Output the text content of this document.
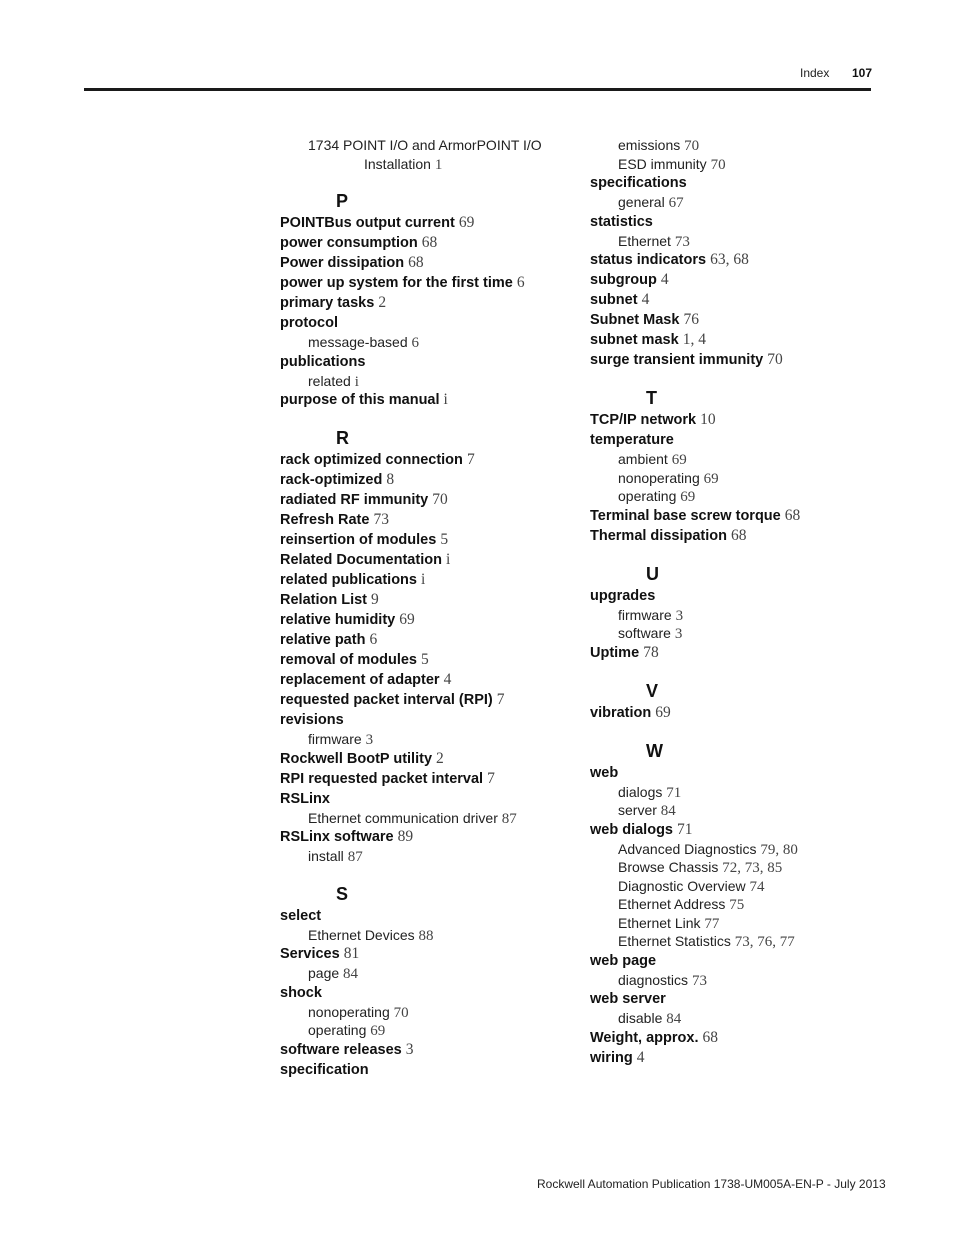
Index 107
1734 POINT I/O and ArmorPOINT I/O
Installation 1
P
POINTBus output current 69
power consumption 68
Power dissipation 68
power up system for the first time 6
primary tasks 2
protocol
message-based 6
publications
related i
purpose of this manual i
R
rack optimized connection 7
rack-optimized 8
radiated RF immunity 70
Refresh Rate 73
reinsertion of modules 5
Related Documentation i
related publications i
Relation List 9
relative humidity 69
relative path 6
removal of modules 5
replacement of adapter 4
requested packet interval (RPI) 7
revisions
firmware 3
Rockwell BootP utility 2
RPI requested packet interval 7
RSLinx
Ethernet communication driver 87
RSLinx software 89
install 87
S
select
Ethernet Devices 88
Services 81
page 84
shock
nonoperating 70
operating 69
software releases 3
specification
emissions 70
ESD immunity 70
specifications
general 67
statistics
Ethernet 73
status indicators 63, 68
subgroup 4
subnet 4
Subnet Mask 76
subnet mask 1, 4
surge transient immunity 70
T
TCP/IP network 10
temperature
ambient 69
nonoperating 69
operating 69
Terminal base screw torque 68
Thermal dissipation 68
U
upgrades
firmware 3
software 3
Uptime 78
V
vibration 69
W
web
dialogs 71
server 84
web dialogs 71
Advanced Diagnostics 79, 80
Browse Chassis 72, 73, 85
Diagnostic Overview 74
Ethernet Address 75
Ethernet Link 77
Ethernet Statistics 73, 76, 77
web page
diagnostics 73
web server
disable 84
Weight, approx. 68
wiring 4
Rockwell Automation Publication 1738-UM005A-EN-P - July 2013
